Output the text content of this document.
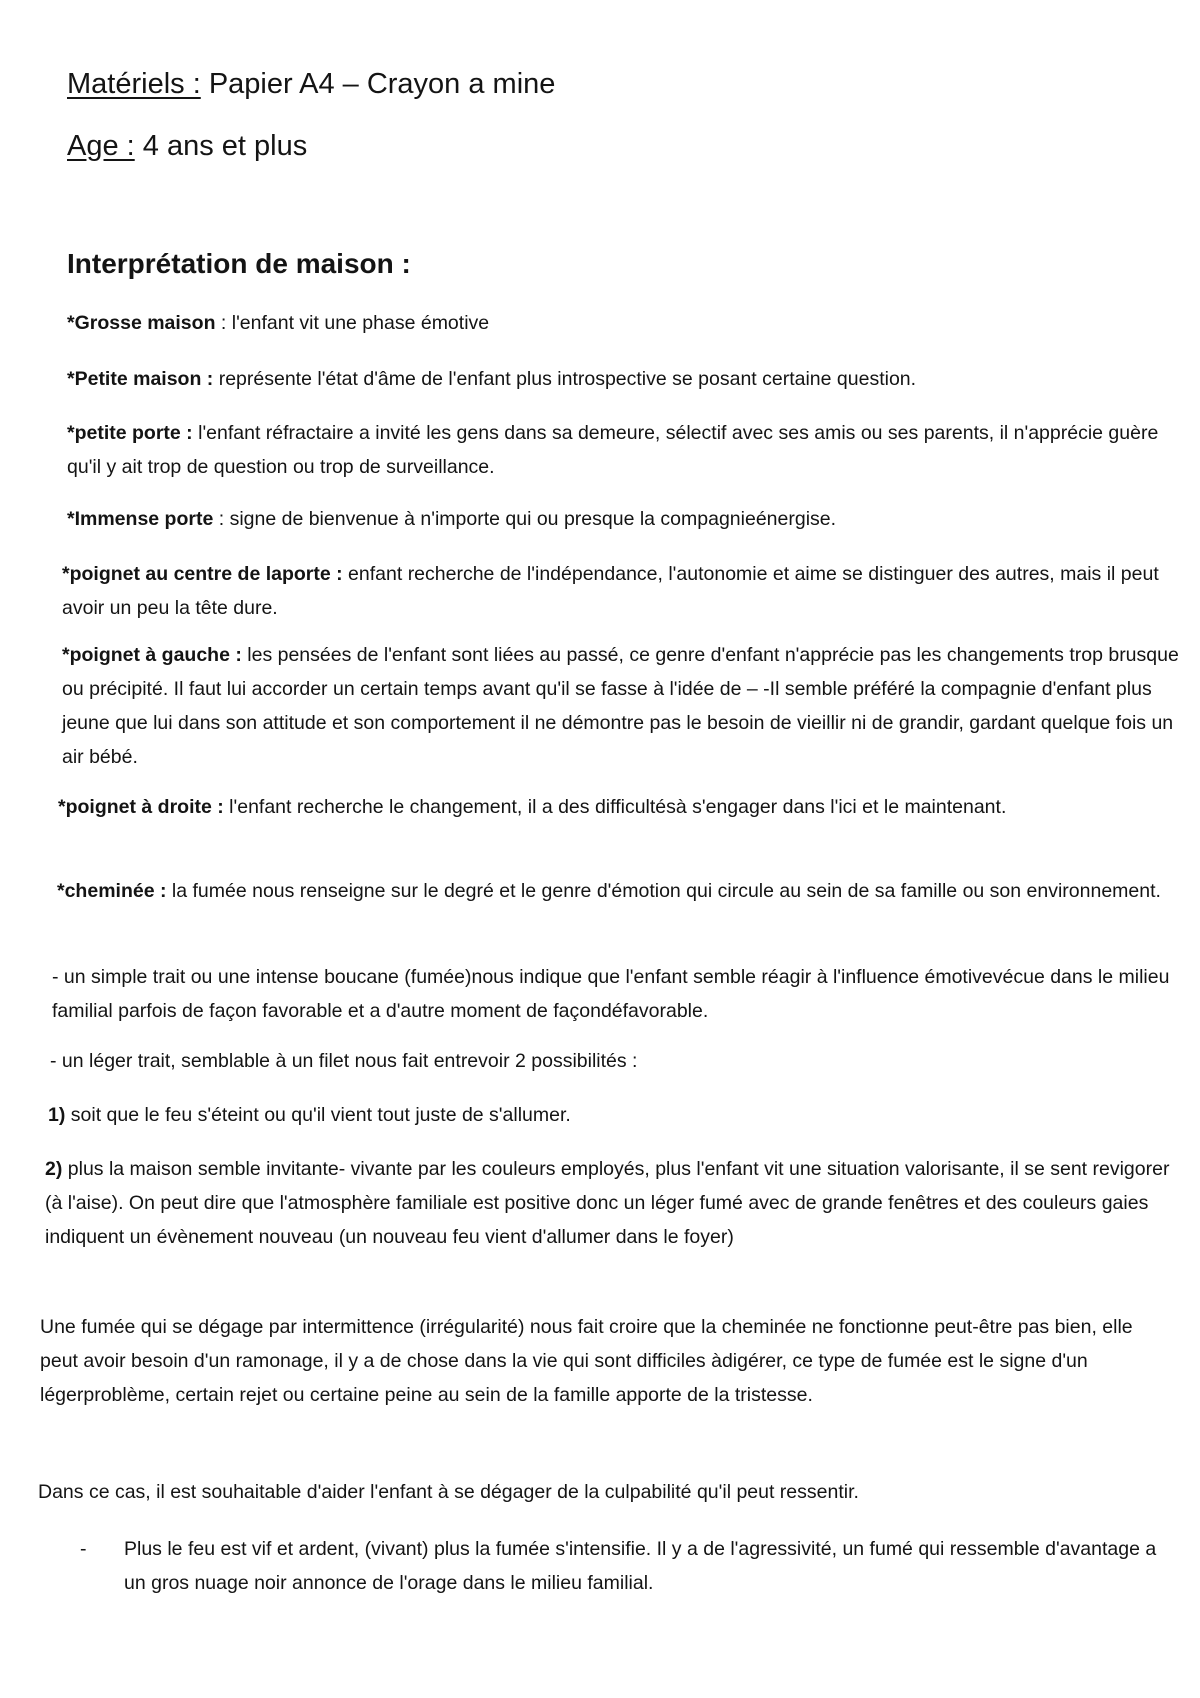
Matériels : Papier A4 – Crayon a mine
Age : 4 ans et plus
Interprétation de maison :
*Grosse maison : l'enfant vit une phase émotive
*Petite maison : représente l'état d'âme de l'enfant plus introspective se posant certaine question.
*petite porte : l'enfant réfractaire a invité les gens dans sa demeure, sélectif avec ses amis ou ses parents, il n'apprécie guère qu'il y ait trop de question ou trop de surveillance.
*Immense porte : signe de bienvenue à n'importe qui ou presque la compagnieénergise.
*poignet au centre de laporte : enfant recherche de l'indépendance, l'autonomie et aime se distinguer des autres, mais il peut avoir un peu la tête dure.
*poignet à gauche : les pensées de l'enfant sont liées au passé, ce genre d'enfant n'apprécie pas les changements trop brusque ou précipité. Il faut lui accorder un certain temps avant qu'il se fasse à l'idée de – -Il semble préféré la compagnie d'enfant plus jeune que lui dans son attitude et son comportement il ne démontre pas le besoin de vieillir ni de grandir, gardant quelque fois un air bébé.
*poignet à droite : l'enfant recherche le changement, il a des difficultésà s'engager dans l'ici et le maintenant.
*cheminée : la fumée nous renseigne sur le degré et le genre d'émotion qui circule au sein de sa famille ou son environnement.
- un simple trait ou une intense boucane (fumée)nous indique que l'enfant semble réagir à l'influence émotivevécue dans le milieu familial parfois de façon favorable et a d'autre moment de façondéfavorable.
- un léger trait, semblable à un filet nous fait entrevoir 2 possibilités :
1) soit que le feu s'éteint ou qu'il vient tout juste de s'allumer.
2) plus la maison semble invitante- vivante par les couleurs employés, plus l'enfant vit une situation valorisante, il se sent revigorer (à l'aise). On peut dire que l'atmosphère familiale est positive donc un léger fumé avec de grande fenêtres et des couleurs gaies indiquent un évènement nouveau (un nouveau feu vient d'allumer dans le foyer)
Une fumée qui se dégage par intermittence (irrégularité) nous fait croire que la cheminée ne fonctionne peut-être pas bien, elle peut avoir besoin d'un ramonage, il y a de chose dans la vie qui sont difficiles àdigérer, ce type de fumée est le signe d'un légerproblème, certain rejet ou certaine peine au sein de la famille apporte de la tristesse.
Dans ce cas, il est souhaitable d'aider l'enfant à se dégager de la culpabilité qu'il peut ressentir.
- Plus le feu est vif et ardent, (vivant) plus la fumée s'intensifie. Il y a de l'agressivité, un fumé qui ressemble d'avantage a un gros nuage noir annonce de l'orage dans le milieu familial.
